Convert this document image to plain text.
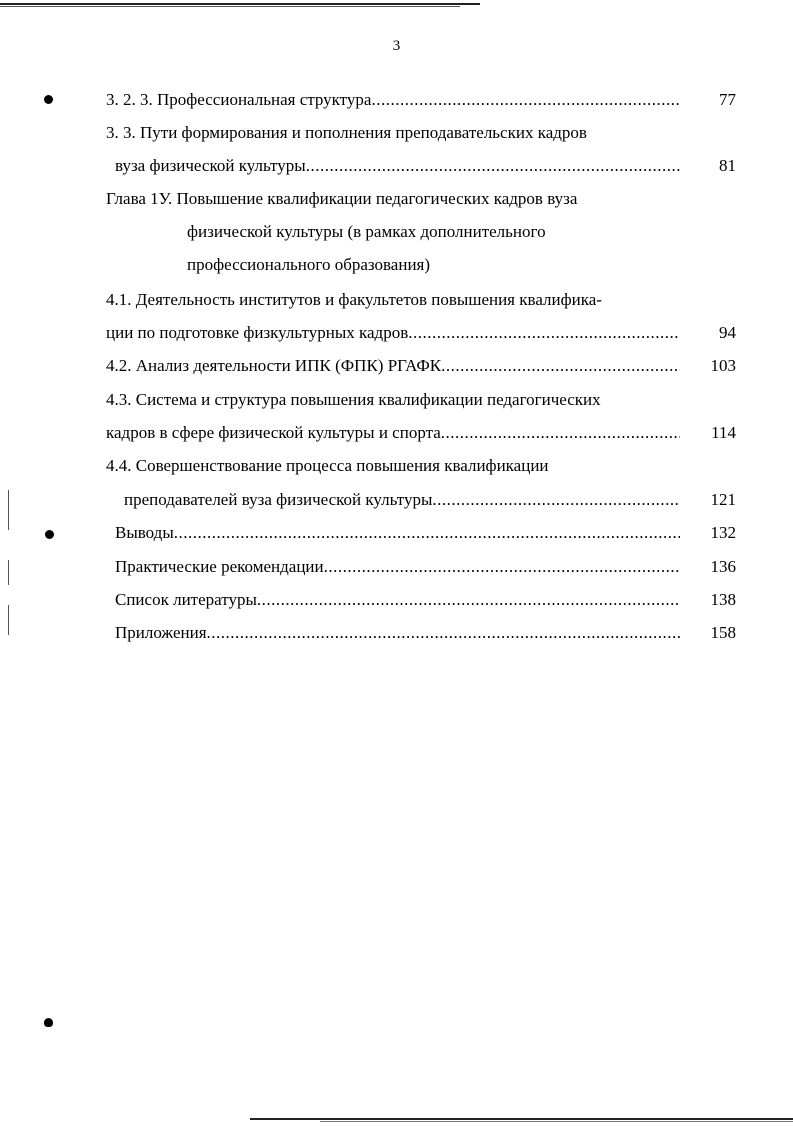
3
3. 2. 3. Профессиональная структура .....	77
3. 3. Пути формирования и пополнения преподавательских кадров
вуза физической культуры .....	81
Глава 1У. Повышение квалификации педагогических кадров вуза
физической культуры (в рамках дополнительного
профессионального образования)
4.1. Деятельность институтов и факультетов повышения квалифика-
ции по подготовке физкультурных кадров .....	94
4.2. Анализ деятельности ИПК (ФПК) РГАФК .....	103
4.3. Система и структура повышения квалификации педагогических
кадров в сфере физической культуры и спорта .....	114
4.4. Совершенствование процесса повышения квалификации
преподавателей вуза физической культуры .....	121
Выводы .....	132
Практические рекомендации .....	136
Список литературы .....	138
Приложения .....	158
